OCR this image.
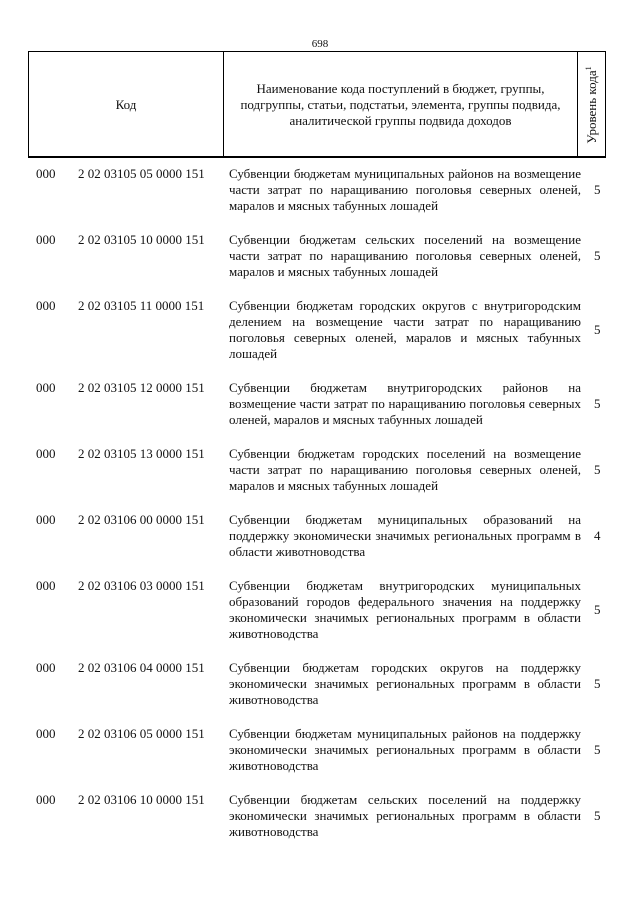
698
Код
Наименование кода поступлений в бюджет, группы, подгруппы, статьи, подстатьи, элемента, группы подвида, аналитической группы подвида доходов	Уровень кода$^1$
000 2 02 03105 05 0000 151 Субвенции бюджетам муниципальных районов на возмещение части затрат по наращиванию поголовья северных оленей, маралов и мясных табунных лошадей
5
000 2 02 03105 10 0000 151 Субвенции бюджетам сельских поселений на возмещение части затрат по наращиванию поголовья северных оленей, маралов и мясных табунных лошадей
5
000 2 02 03105 11 0000 151 Субвенции бюджетам городских округов с внутригородским делением на возмещение части затрат по наращиванию поголовья северных оленей, маралов и мясных табунных лошадей
5
000 2 02 03105 12 0000 151 Субвенции бюджетам внутригородских районов на возмещение части затрат по наращиванию поголовья северных оленей, маралов и мясных табунных лошадей
5
000 2 02 03105 13 0000 151 Субвенции бюджетам городских поселений на возмещение части затрат по наращиванию поголовья северных оленей, маралов и мясных табунных лошадей
5
000 2 02 03106 00 0000 151 Субвенции бюджетам муниципальных образований на поддержку экономически значимых региональных программ в области животноводства
4
000 2 02 03106 03 0000 151 Субвенции бюджетам внутригородских муниципальных образований городов федерального значения на поддержку экономически значимых региональных программ в области животноводства
5
000 2 02 03106 04 0000 151 Субвенции бюджетам городских округов на поддержку экономически значимых региональных программ в области животноводства
5
000 2 02 03106 05 0000 151 Субвенции бюджетам муниципальных районов на поддержку экономически значимых региональных программ в области животноводства
5
000 2 02 03106 10 0000 151 Субвенции бюджетам сельских поселений на поддержку экономически значимых региональных программ в области животноводства
5
